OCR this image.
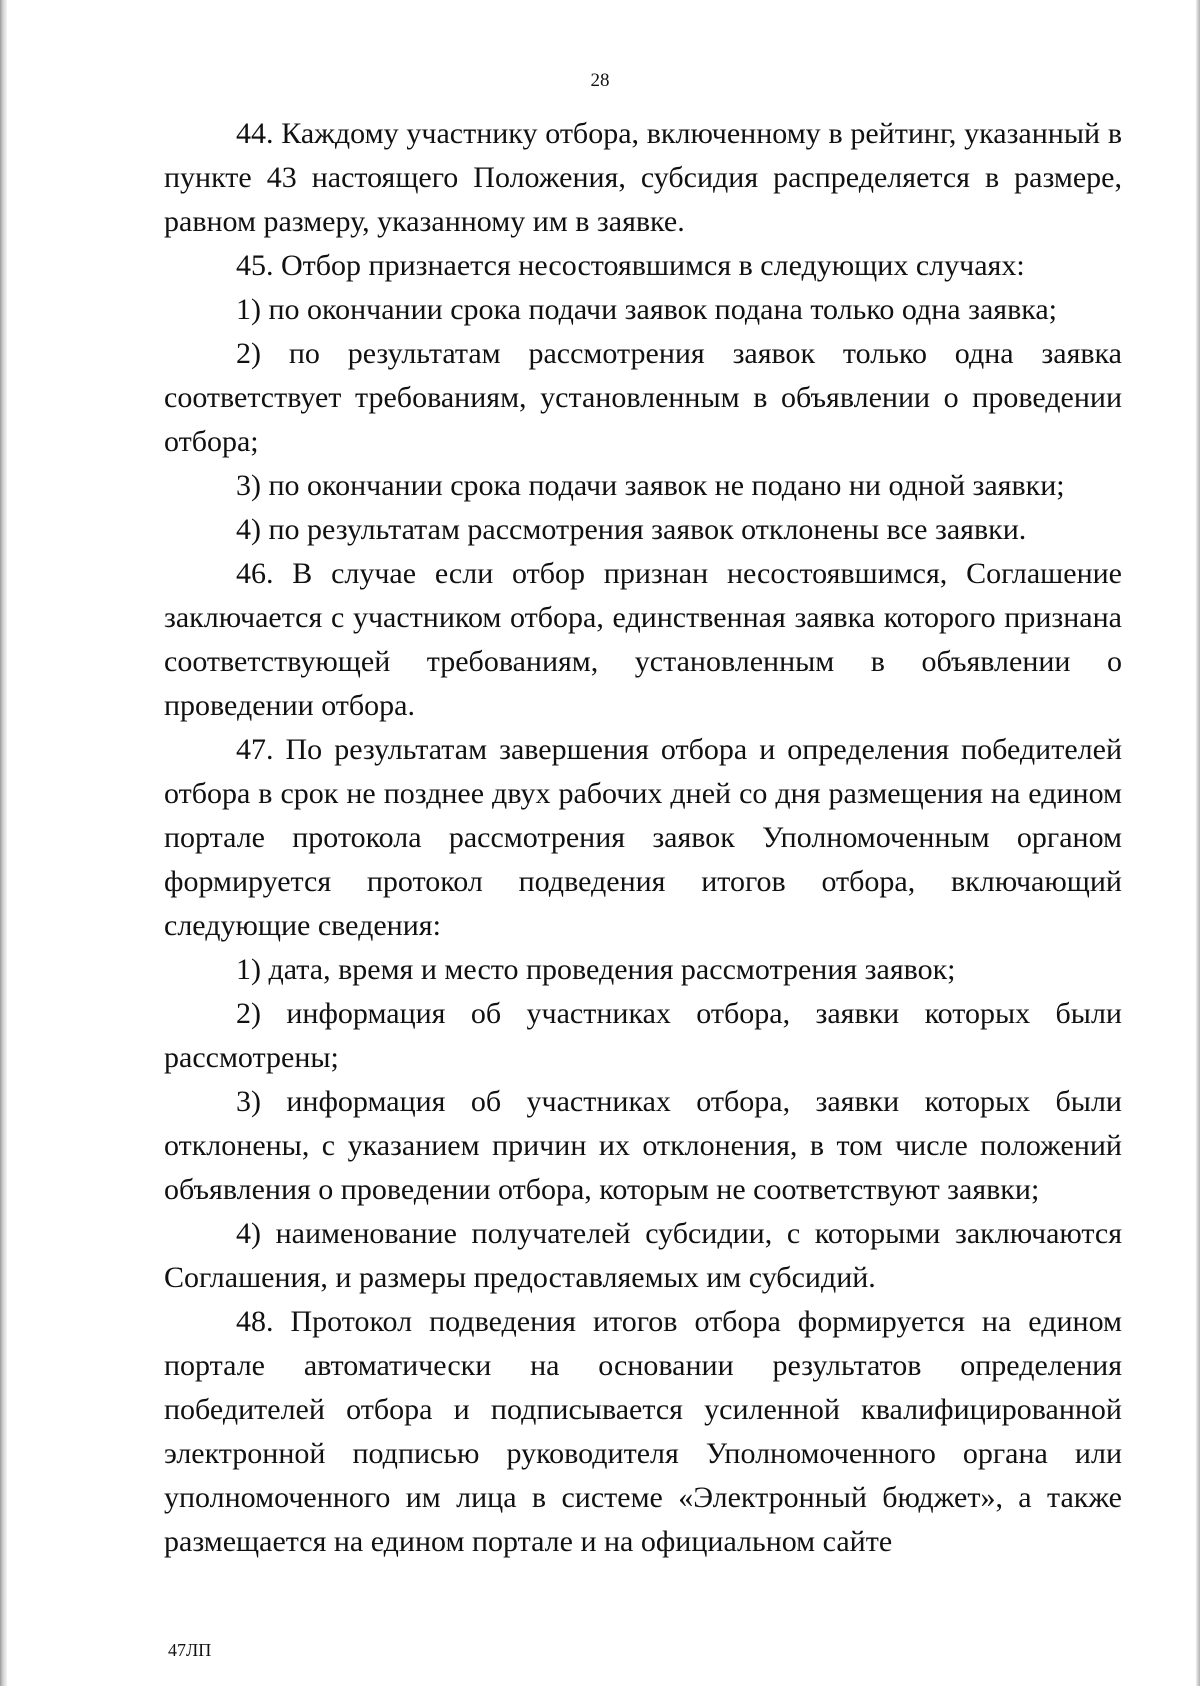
28

44. Каждому участнику отбора, включенному в рейтинг, указанный в пункте 43 настоящего Положения, субсидия распределяется в размере, равном размеру, указанному им в заявке.

45. Отбор признается несостоявшимся в следующих случаях:

1) по окончании срока подачи заявок подана только одна заявка;

2) по результатам рассмотрения заявок только одна заявка соответствует требованиям, установленным в объявлении о проведении отбора;

3) по окончании срока подачи заявок не подано ни одной заявки;

4) по результатам рассмотрения заявок отклонены все заявки.

46. В случае если отбор признан несостоявшимся, Соглашение заключается с участником отбора, единственная заявка которого признана соответствующей требованиям, установленным в объявлении о проведении отбора.

47. По результатам завершения отбора и определения победителей отбора в срок не позднее двух рабочих дней со дня размещения на едином портале протокола рассмотрения заявок Уполномоченным органом формируется протокол подведения итогов отбора, включающий следующие сведения:

1) дата, время и место проведения рассмотрения заявок;

2) информация об участниках отбора, заявки которых были рассмотрены;

3) информация об участниках отбора, заявки которых были отклонены, с указанием причин их отклонения, в том числе положений объявления о проведении отбора, которым не соответствуют заявки;

4) наименование получателей субсидии, с которыми заключаются Соглашения, и размеры предоставляемых им субсидий.

48. Протокол подведения итогов отбора формируется на едином портале автоматически на основании результатов определения победителей отбора и подписывается усиленной квалифицированной электронной подписью руководителя Уполномоченного органа или уполномоченного им лица в системе «Электронный бюджет», а также размещается на едином портале и на официальном сайте

47ЛП
